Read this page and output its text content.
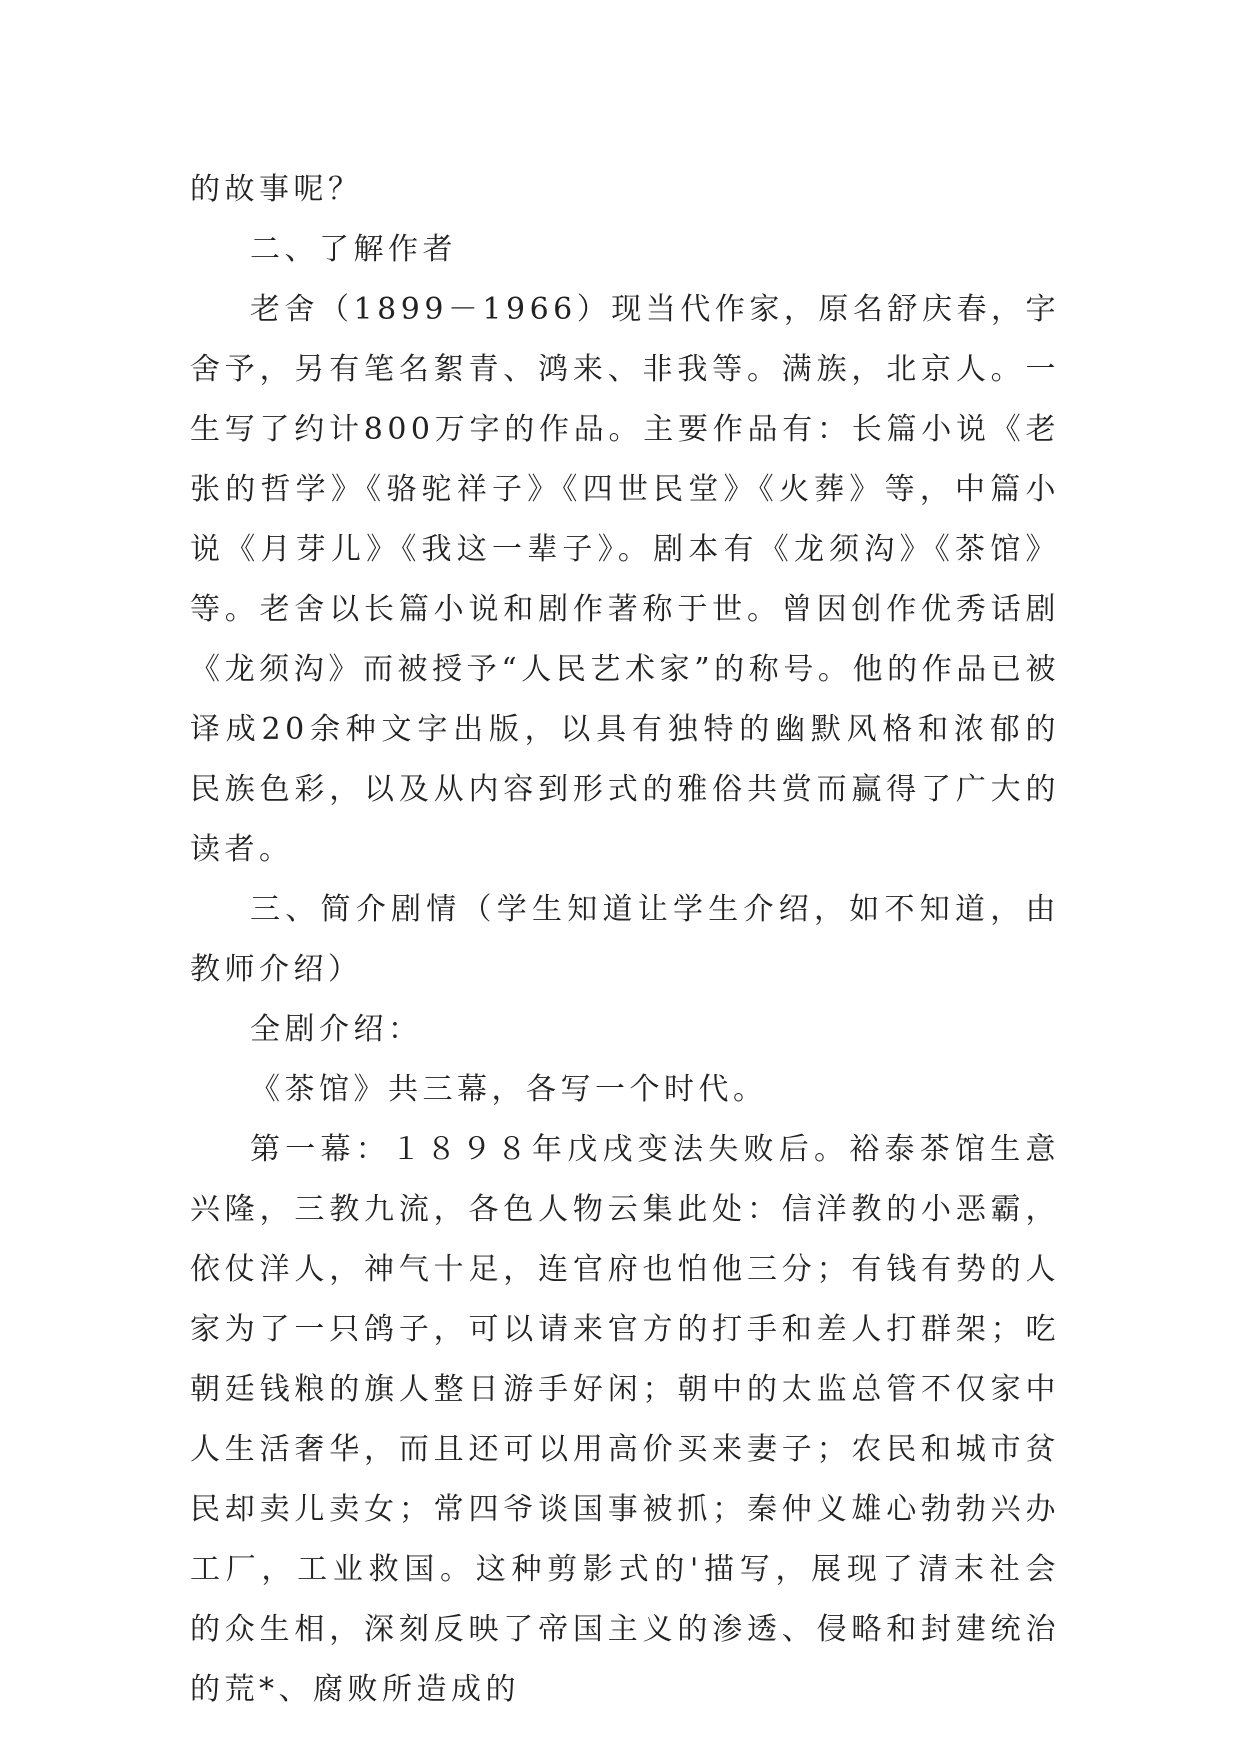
的故事呢？

二、了解作者

老舍（1899－1966）现当代作家，原名舒庆春，字舍予，另有笔名絮青、鸿来、非我等。满族，北京人。一生写了约计800万字的作品。主要作品有：长篇小说《老张的哲学》《骆驼祥子》《四世民堂》《火葬》等，中篇小说《月芽儿》《我这一辈子》。剧本有《龙须沟》《茶馆》等。老舍以长篇小说和剧作著称于世。曾因创作优秀话剧《龙须沟》而被授予“人民艺术家”的称号。他的作品已被译成20余种文字出版，以具有独特的幽默风格和浓郁的民族色彩，以及从内容到形式的雅俗共赏而赢得了广大的读者。

三、简介剧情（学生知道让学生介绍，如不知道，由教师介绍）

全剧介绍：

《茶馆》共三幕，各写一个时代。

第一幕：１８９８年戊戌变法失败后。裕泰茶馆生意兴隆，三教九流，各色人物云集此处：信洋教的小恶霸，依仗洋人，神气十足，连官府也怕他三分；有钱有势的人家为了一只鸽子，可以请来官方的打手和差人打群架；吃朝廷钱粮的旗人整日游手好闲；朝中的太监总管不仅家中人生活奢华，而且还可以用高价买来妻子；农民和城市贫民却卖儿卖女；常四爷谈国事被抓；秦仲义雄心勃勃兴办工厂，工业救国。这种剪影式的'描写，展现了清末社会的众生相，深刻反映了帝国主义的渗透、侵略和封建统治的荒*、腐败所造成的
